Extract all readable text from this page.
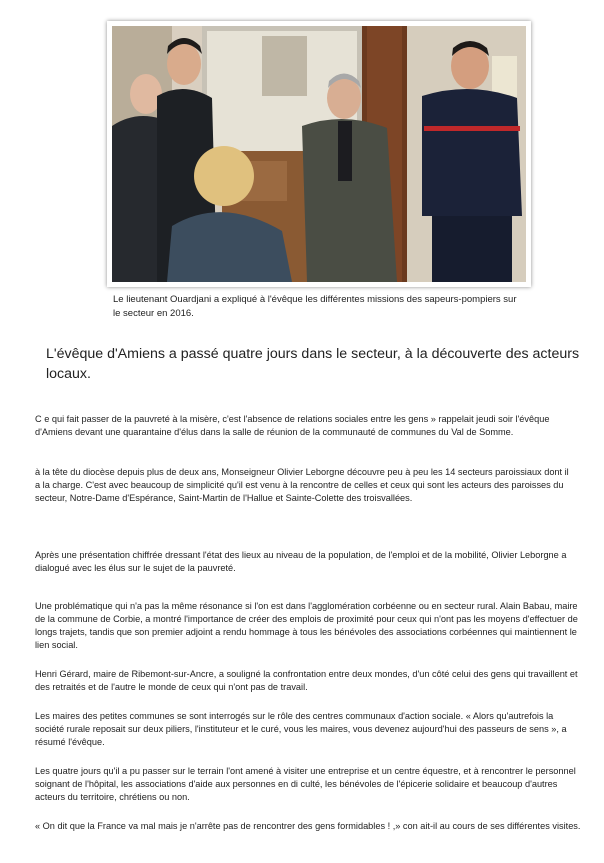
Le lieutenant Ouardjani a expliqué à l'évêque les différentes missions des sapeurs-pompiers sur le secteur en 2016.
L'évêque d'Amiens a passé quatre jours dans le secteur, à la découverte des acteurs locaux.

C e qui fait passer de la pauvreté à la misère, c'est l'absence de relations sociales entre les gens » rappelait jeudi soir l'évêque d'Amiens devant une quarantaine d'élus dans la salle de réunion de la communauté de communes du Val de Somme.

à la tête du diocèse depuis plus de deux ans, Monseigneur Olivier Leborgne découvre peu à peu les 14 secteurs paroissiaux dont il a la charge. C'est avec beaucoup de simplicité qu'il est venu à la rencontre de celles et ceux qui sont les acteurs des paroisses du secteur, Notre-Dame d'Espérance, Saint-Martin de l'Hallue et Sainte-Colette des troisvallées.

Après une présentation chiffrée dressant l'état des lieux au niveau de la population, de l'emploi et de la mobilité, Olivier Leborgne a dialogué avec les élus sur le sujet de la pauvreté.

Une problématique qui n'a pas la même résonance si l'on est dans l'agglomération corbéenne ou en secteur rural. Alain Babau, maire de la commune de Corbie, a montré l'importance de créer des emplois de proximité pour ceux qui n'ont pas les moyens d'effectuer de longs trajets, tandis que son premier adjoint a rendu hommage à tous les bénévoles des associations corbéennes qui maintiennent le lien social.

Henri Gérard, maire de Ribemont-sur-Ancre, a souligné la confrontation entre deux mondes, d'un côté celui des gens qui travaillent et des retraités et de l'autre le monde de ceux qui n'ont pas de travail.

Les maires des petites communes se sont interrogés sur le rôle des centres communaux d'action sociale. « Alors qu'autrefois la société rurale reposait sur deux piliers, l'instituteur et le curé, vous les maires, vous devenez aujourd'hui des passeurs de sens », a résumé l'évêque.

Les quatre jours qu'il a pu passer sur le terrain l'ont amené à visiter une entreprise et un centre équestre, et à rencontrer le personnel soignant de l'hôpital, les associations d'aide aux personnes en di culté, les bénévoles de l'épicerie solidaire et beaucoup d'autres acteurs du territoire, chrétiens ou non.

« On dit que la France va mal mais je n'arrête pas de rencontrer des gens formidables ! ,» con ait-il au cours de ses différentes visites.
